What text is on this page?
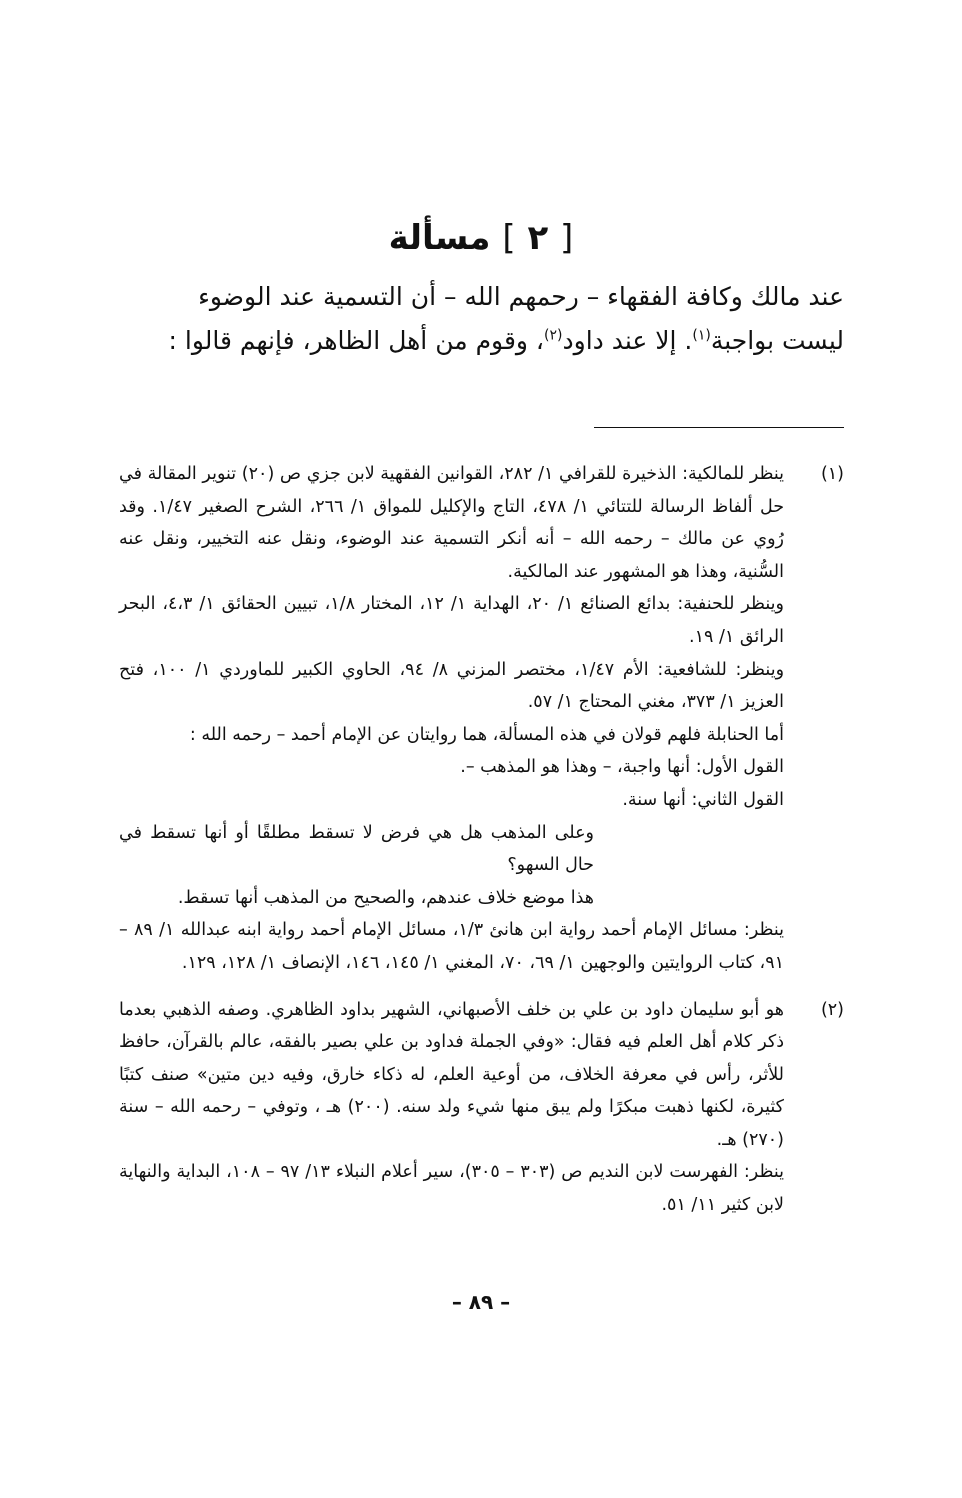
[ ٢ ] مسألة

عند مالك وكافة الفقهاء – رحمهم الله – أن التسمية عند الوضوء

ليست بواجبة$^{(١)}$. إلا عند داود$^{(٢)}$، وقوم من أهل الظاهر، فإنهم قالوا :

(١)

ينظر للمالكية: الذخيرة للقرافي ١/ ٢٨٢، القوانين الفقهية لابن جزي ص (٢٠) تنوير المقالة في حل ألفاظ الرسالة للتتائي ١/ ٤٧٨، التاج والإكليل للمواق ١/ ٢٦٦، الشرح الصغير ١/٤٧. وقد رُوي عن مالك – رحمه الله – أنه أنكر التسمية عند الوضوء، ونقل عنه التخيير، ونقل عنه السُّنية، وهذا هو المشهور عند المالكية.

وينظر للحنفية: بدائع الصنائع ١/ ٢٠، الهداية ١/ ١٢، المختار ١/٨، تبيين الحقائق ١/ ٤،٣، البحر الرائق ١/ ١٩.

وينظر: للشافعية: الأم ١/٤٧، مختصر المزني ٨/ ٩٤، الحاوي الكبير للماوردي ١/ ١٠٠، فتح العزيز ١/ ٣٧٣، مغني المحتاج ١/ ٥٧.

أما الحنابلة فلهم قولان في هذه المسألة، هما روايتان عن الإمام أحمد – رحمه الله :

القول الأول: أنها واجبة، – وهذا هو المذهب –.

القول الثاني: أنها سنة.

وعلى المذهب هل هي فرض لا تسقط مطلقًا أو أنها تسقط في حال السهو؟

هذا موضع خلاف عندهم، والصحيح من المذهب أنها تسقط.

ينظر: مسائل الإمام أحمد رواية ابن هانئ ١/٣، مسائل الإمام أحمد رواية ابنه عبدالله ١/ ٨٩ – ٩١، كتاب الروايتين والوجهين ١/ ٦٩، ٧٠، المغني ١/ ١٤٥، ١٤٦، الإنصاف ١/ ١٢٨، ١٢٩.

(٢)

هو أبو سليمان داود بن علي بن خلف الأصبهاني، الشهير بداود الظاهري. وصفه الذهبي بعدما ذكر كلام أهل العلم فيه فقال: «وفي الجملة فداود بن علي بصير بالفقه، عالم بالقرآن، حافظ للأثر، رأس في معرفة الخلاف، من أوعية العلم، له ذكاء خارق، وفيه دين متين» صنف كتبًا كثيرة، لكنها ذهبت مبكرًا ولم يبق منها شيء ولد سنه. (٢٠٠) هـ ، وتوفي – رحمه الله – سنة (٢٧٠) هـ.

ينظر: الفهرست لابن النديم ص (٣٠٣ – ٣٠٥)، سير أعلام النبلاء ١٣/ ٩٧ – ١٠٨، البداية والنهاية لابن كثير ١١/ ٥١.

– ٨٩ –
